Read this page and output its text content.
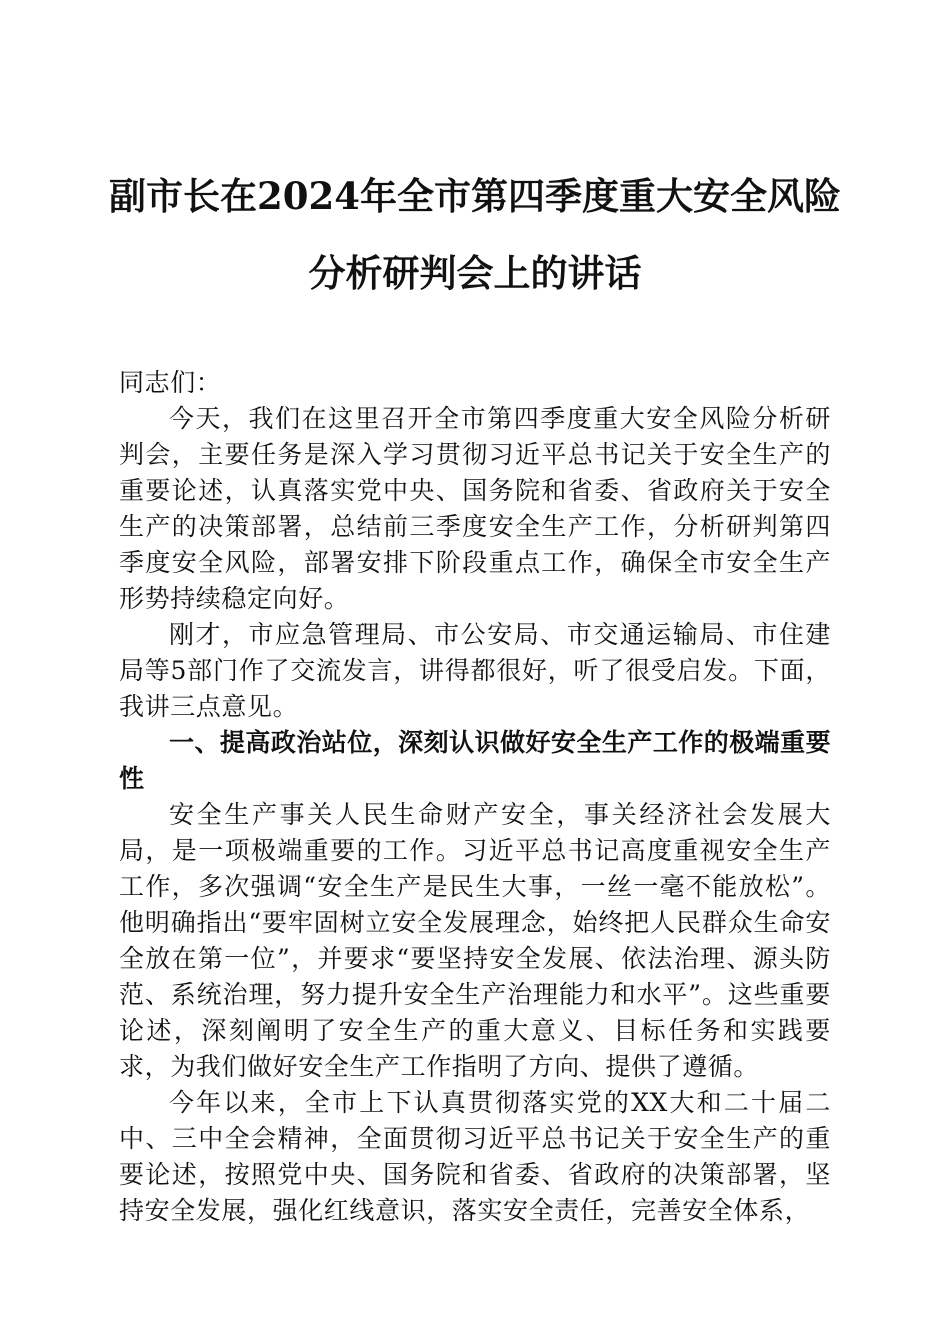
副市长在2024年全市第四季度重大安全风险
分析研判会上的讲话

同志们：

今天，我们在这里召开全市第四季度重大安全风险分析研判会，主要任务是深入学习贯彻习近平总书记关于安全生产的重要论述，认真落实党中央、国务院和省委、省政府关于安全生产的决策部署，总结前三季度安全生产工作，分析研判第四季度安全风险，部署安排下阶段重点工作，确保全市安全生产形势持续稳定向好。

刚才，市应急管理局、市公安局、市交通运输局、市住建局等5部门作了交流发言，讲得都很好，听了很受启发。下面，我讲三点意见。

一、提高政治站位，深刻认识做好安全生产工作的极端重要性

安全生产事关人民生命财产安全，事关经济社会发展大局，是一项极端重要的工作。习近平总书记高度重视安全生产工作，多次强调“安全生产是民生大事，一丝一毫不能放松”。他明确指出“要牢固树立安全发展理念，始终把人民群众生命安全放在第一位”，并要求“要坚持安全发展、依法治理、源头防范、系统治理，努力提升安全生产治理能力和水平”。这些重要论述，深刻阐明了安全生产的重大意义、目标任务和实践要求，为我们做好安全生产工作指明了方向、提供了遵循。

今年以来，全市上下认真贯彻落实党的XX大和二十届二中、三中全会精神，全面贯彻习近平总书记关于安全生产的重要论述，按照党中央、国务院和省委、省政府的决策部署，坚持安全发展，强化红线意识，落实安全责任，完善安全体系，
